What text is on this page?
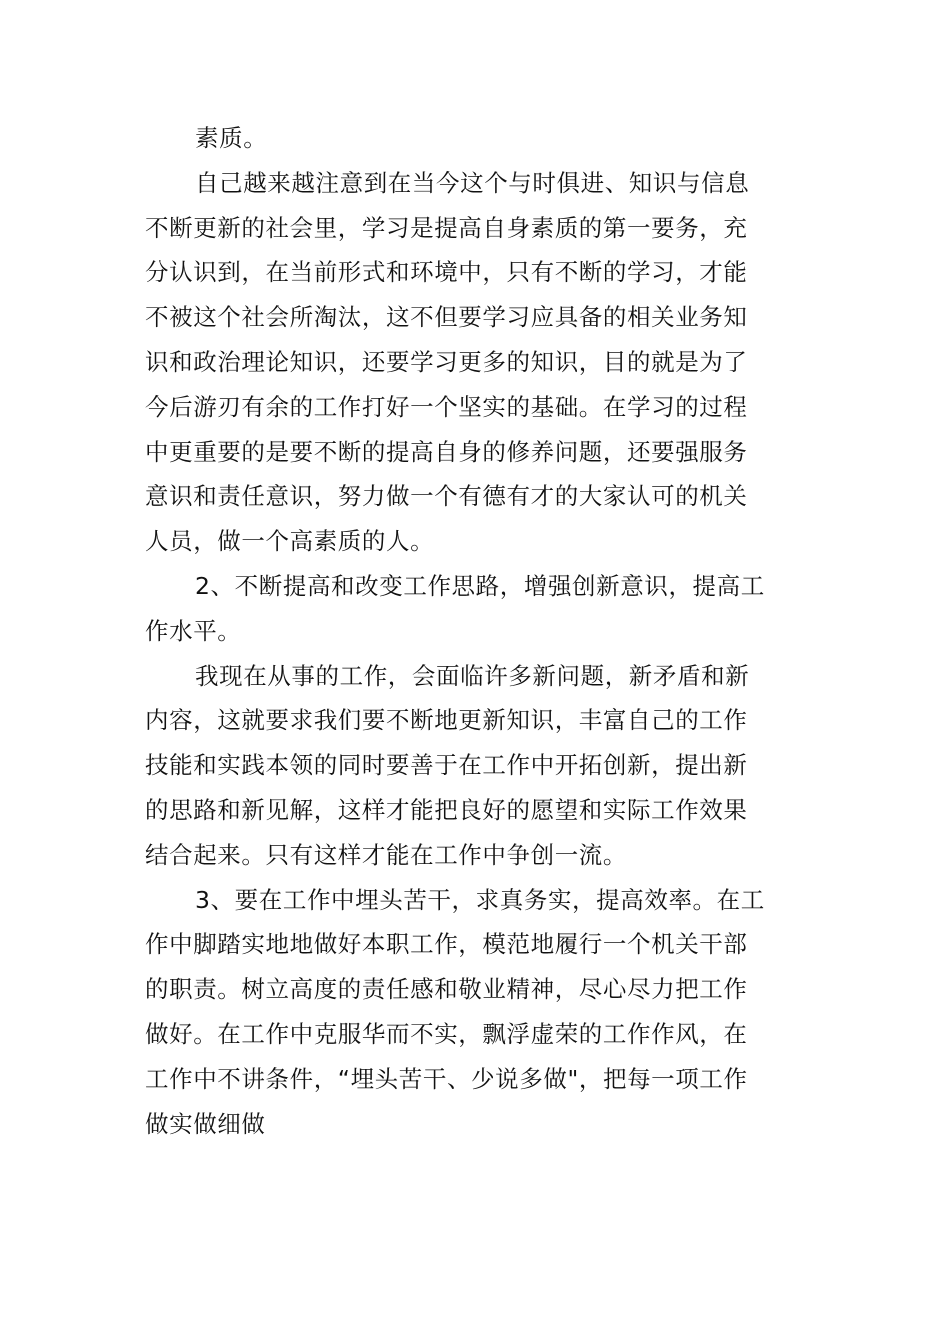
素质。
自己越来越注意到在当今这个与时俱进、知识与信息
不断更新的社会里，学习是提高自身素质的第一要务，充
分认识到，在当前形式和环境中，只有不断的学习，才能
不被这个社会所淘汰，这不但要学习应具备的相关业务知
识和政治理论知识，还要学习更多的知识，目的就是为了
今后游刃有余的工作打好一个坚实的基础。在学习的过程
中更重要的是要不断的提高自身的修养问题，还要强服务
意识和责任意识，努力做一个有德有才的大家认可的机关
人员，做一个高素质的人。
2、不断提高和改变工作思路，增强创新意识，提高工
作水平。
我现在从事的工作，会面临许多新问题，新矛盾和新
内容，这就要求我们要不断地更新知识，丰富自己的工作
技能和实践本领的同时要善于在工作中开拓创新，提出新
的思路和新见解，这样才能把良好的愿望和实际工作效果
结合起来。只有这样才能在工作中争创一流。
3、要在工作中埋头苦干，求真务实，提高效率。在工
作中脚踏实地地做好本职工作，模范地履行一个机关干部
的职责。树立高度的责任感和敬业精神，尽心尽力把工作
做好。在工作中克服华而不实，飘浮虚荣的工作作风，在
工作中不讲条件，“埋头苦干、少说多做"，把每一项工作
做实做细做
